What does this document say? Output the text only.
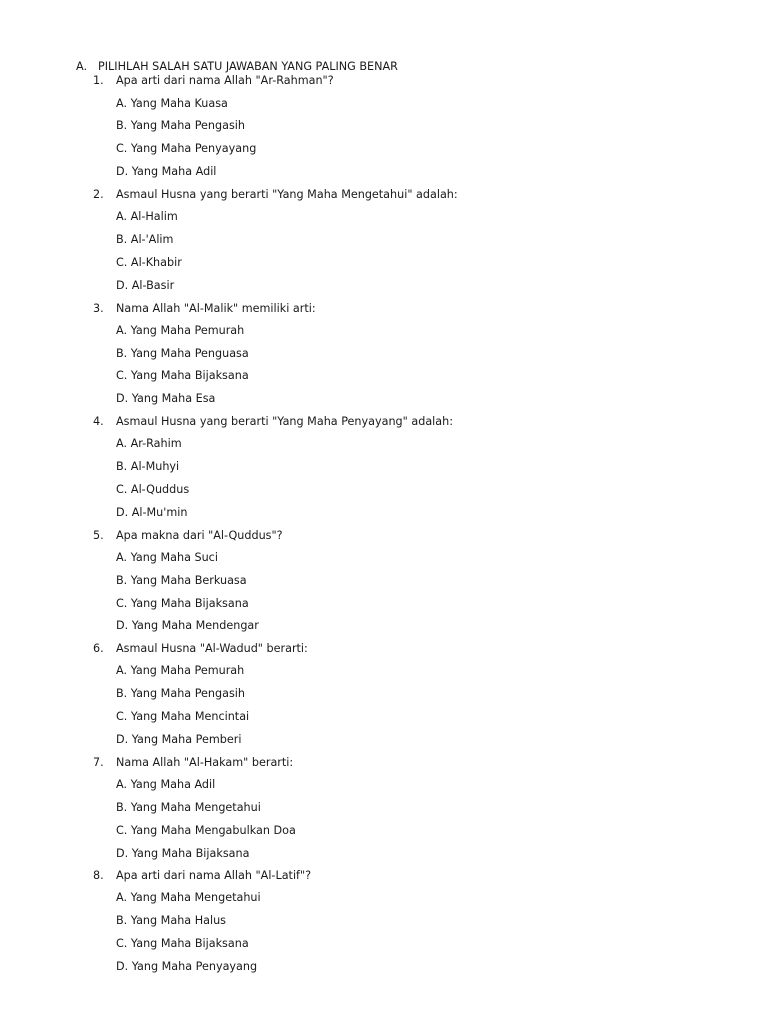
A. PILIHLAH SALAH SATU JAWABAN YANG PALING BENAR
1. Apa arti dari nama Allah "Ar-Rahman"?
A. Yang Maha Kuasa
B. Yang Maha Pengasih
C. Yang Maha Penyayang
D. Yang Maha Adil
2. Asmaul Husna yang berarti "Yang Maha Mengetahui" adalah:
A. Al-Halim
B. Al-'Alim
C. Al-Khabir
D. Al-Basir
3. Nama Allah "Al-Malik" memiliki arti:
A. Yang Maha Pemurah
B. Yang Maha Penguasa
C. Yang Maha Bijaksana
D. Yang Maha Esa
4. Asmaul Husna yang berarti "Yang Maha Penyayang" adalah:
A. Ar-Rahim
B. Al-Muhyi
C. Al-Quddus
D. Al-Mu'min
5. Apa makna dari "Al-Quddus"?
A. Yang Maha Suci
B. Yang Maha Berkuasa
C. Yang Maha Bijaksana
D. Yang Maha Mendengar
6. Asmaul Husna "Al-Wadud" berarti:
A. Yang Maha Pemurah
B. Yang Maha Pengasih
C. Yang Maha Mencintai
D. Yang Maha Pemberi
7. Nama Allah "Al-Hakam" berarti:
A. Yang Maha Adil
B. Yang Maha Mengetahui
C. Yang Maha Mengabulkan Doa
D. Yang Maha Bijaksana
8. Apa arti dari nama Allah "Al-Latif"?
A. Yang Maha Mengetahui
B. Yang Maha Halus
C. Yang Maha Bijaksana
D. Yang Maha Penyayang
